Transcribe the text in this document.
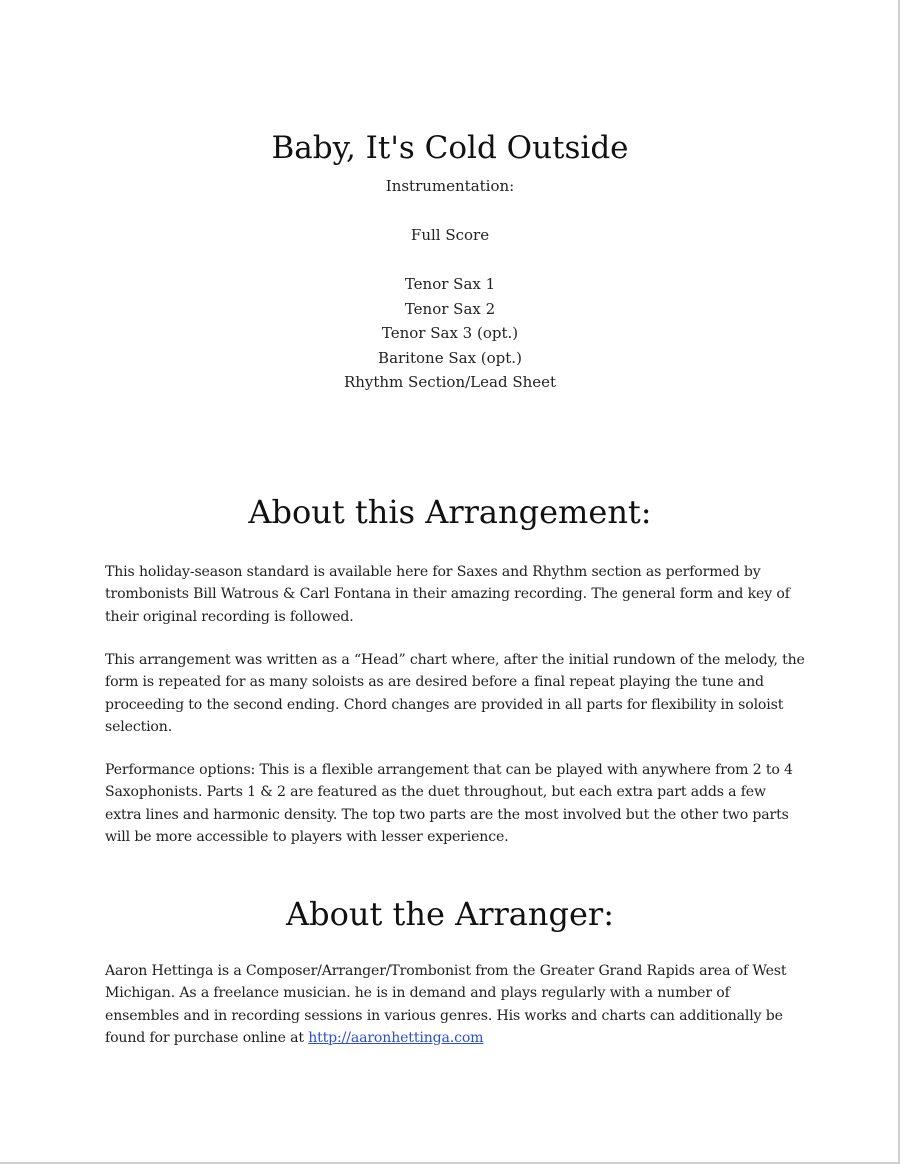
Baby, It's Cold Outside
Instrumentation:
Full Score
Tenor Sax 1
Tenor Sax 2
Tenor Sax 3 (opt.)
Baritone Sax (opt.)
Rhythm Section/Lead Sheet
About this Arrangement:

This holiday-season standard is available here for Saxes and Rhythm section as performed by trombonists Bill Watrous & Carl Fontana in their amazing recording. The general form and key of their original recording is followed.

This arrangement was written as a “Head” chart where, after the initial rundown of the melody, the form is repeated for as many soloists as are desired before a final repeat playing the tune and proceeding to the second ending. Chord changes are provided in all parts for flexibility in soloist selection.

Performance options: This is a flexible arrangement that can be played with anywhere from 2 to 4 Saxophonists. Parts 1 & 2 are featured as the duet throughout, but each extra part adds a few extra lines and harmonic density. The top two parts are the most involved but the other two parts will be more accessible to players with lesser experience.

About the Arranger:

Aaron Hettinga is a Composer/Arranger/Trombonist from the Greater Grand Rapids area of West Michigan. As a freelance musician. he is in demand and plays regularly with a number of ensembles and in recording sessions in various genres. His works and charts can additionally be found for purchase online at http://aaronhettinga.com
